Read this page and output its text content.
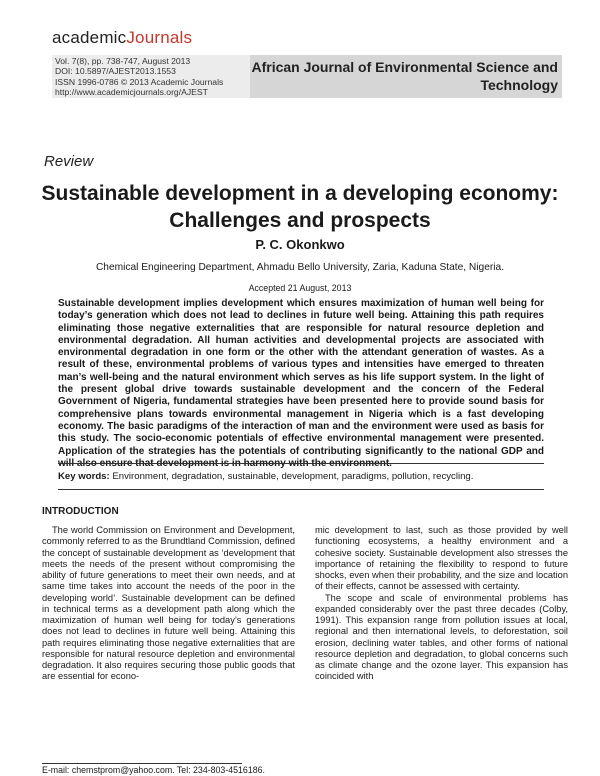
academicJournals
Vol. 7(8), pp. 738-747, August 2013
DOI: 10.5897/AJEST2013.1553
ISSN 1996-0786 © 2013 Academic Journals
http://www.academicjournals.org/AJEST
African Journal of Environmental Science and
Technology
Review
Sustainable development in a developing economy:
Challenges and prospects
P. C. Okonkwo
Chemical Engineering Department, Ahmadu Bello University, Zaria, Kaduna State, Nigeria.
Accepted 21 August, 2013
Sustainable development implies development which ensures maximization of human well being for today’s generation which does not lead to declines in future well being. Attaining this path requires eliminating those negative externalities that are responsible for natural resource depletion and environmental degradation. All human activities and developmental projects are associated with environmental degradation in one form or the other with the attendant generation of wastes. As a result of these, environmental problems of various types and intensities have emerged to threaten man’s well-being and the natural environment which serves as his life support system. In the light of the present global drive towards sustainable development and the concern of the Federal Government of Nigeria, fundamental strategies have been presented here to provide sound basis for comprehensive plans towards environmental management in Nigeria which is a fast developing economy. The basic paradigms of the interaction of man and the environment were used as basis for this study. The socio-economic potentials of effective environmental management were presented. Application of the strategies has the potentials of contributing significantly to the national GDP and will also ensure that development is in harmony with the environment.
Key words: Environment, degradation, sustainable, development, paradigms, pollution, recycling.
INTRODUCTION

The world Commission on Environment and Development, commonly referred to as the Brundtland Commission, defined the concept of sustainable development as ‘development that meets the needs of the present without compromising the ability of future generations to meet their own needs, and at same time takes into account the needs of the poor in the developing world’. Sustainable development can be defined in technical terms as a development path along which the maximization of human well being for today’s generations does not lead to declines in future well being. Attaining this path requires eliminating those negative externalities that are responsible for natural resource depletion and environmental degradation. It also requires securing those public goods that are essential for econo-

mic development to last, such as those provided by well functioning ecosystems, a healthy environment and a cohesive society. Sustainable development also stresses the importance of retaining the flexibility to respond to future shocks, even when their probability, and the size and location of their effects, cannot be assessed with certainty.

The scope and scale of environmental problems has expanded considerably over the past three decades (Colby, 1991). This expansion range from pollution issues at local, regional and then international levels, to deforestation, soil erosion, declining water tables, and other forms of national resource depletion and degradation, to global concerns such as climate change and the ozone layer. This expansion has coincided with

E-mail: chemstprom@yahoo.com. Tel: 234-803-4516186.
